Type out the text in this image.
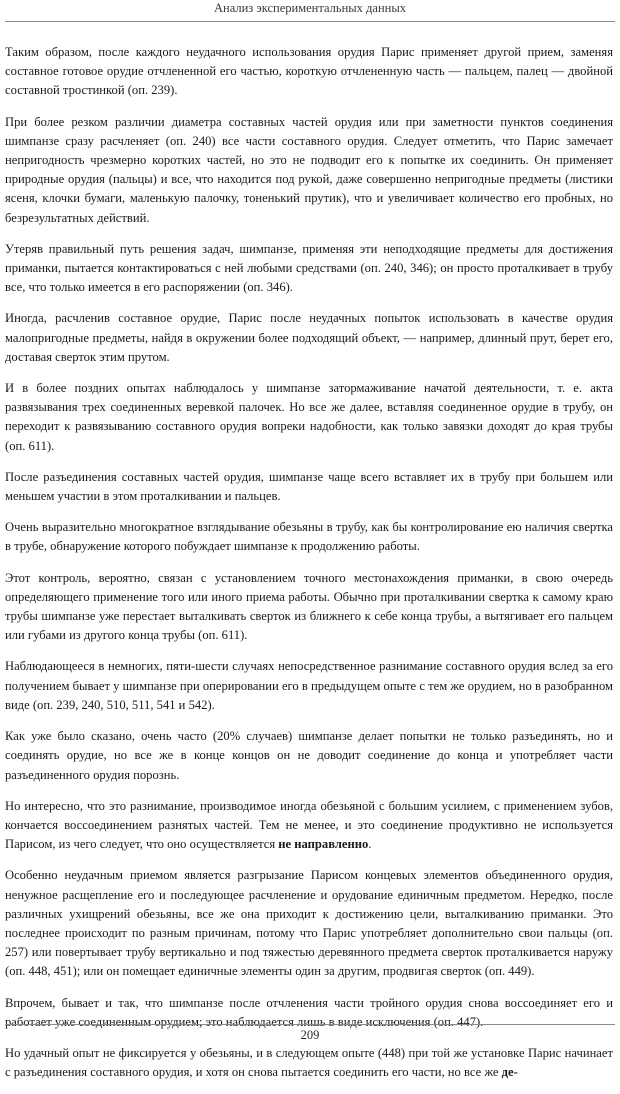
Анализ экспериментальных данных

Таким образом, после каждого неудачного использования орудия Парис применяет другой прием, заменяя составное готовое орудие отчлененной его частью, короткую отчлененную часть — пальцем, палец — двойной составной тростинкой (оп. 239).

При более резком различии диаметра составных частей орудия или при заметности пунктов соединения шимпанзе сразу расчленяет (оп. 240) все части составного орудия. Следует отметить, что Парис замечает непригодность чрезмерно коротких частей, но это не подводит его к попытке их соединить. Он применяет природные орудия (пальцы) и все, что находится под рукой, даже совершенно непригодные предметы (листики ясеня, клочки бумаги, маленькую палочку, тоненький прутик), что и увеличивает количество его пробных, но безрезультатных действий.

Утеряв правильный путь решения задач, шимпанзе, применяя эти неподходящие предметы для достижения приманки, пытается контактироваться с ней любыми средствами (оп. 240, 346); он просто проталкивает в трубу все, что только имеется в его распоряжении (оп. 346).

Иногда, расчленив составное орудие, Парис после неудачных попыток использовать в качестве орудия малопригодные предметы, найдя в окружении более подходящий объект, — например, длинный прут, берет его, доставая сверток этим прутом.

И в более поздних опытах наблюдалось у шимпанзе затормаживание начатой деятельности, т. е. акта развязывания трех соединенных веревкой палочек. Но все же далее, вставляя соединенное орудие в трубу, он переходит к развязыванию составного орудия вопреки надобности, как только завязки доходят до края трубы (оп. 611).

После разъединения составных частей орудия, шимпанзе чаще всего вставляет их в трубу при большем или меньшем участии в этом проталкивании и пальцев.

Очень выразительно многократное взглядывание обезьяны в трубу, как бы контролирование ею наличия свертка в трубе, обнаружение которого побуждает шимпанзе к продолжению работы.

Этот контроль, вероятно, связан с установлением точного местонахождения приманки, в свою очередь определяющего применение того или иного приема работы. Обычно при проталкивании свертка к самому краю трубы шимпанзе уже перестает выталкивать сверток из ближнего к себе конца трубы, а вытягивает его пальцем или губами из другого конца трубы (оп. 611).

Наблюдающееся в немногих, пяти-шести случаях непосредственное разнимание составного орудия вслед за его получением бывает у шимпанзе при оперировании его в предыдущем опыте с тем же орудием, но в разобранном виде (оп. 239, 240, 510, 511, 541 и 542).

Как уже было сказано, очень часто (20% случаев) шимпанзе делает попытки не только разъединять, но и соединять орудие, но все же в конце концов он не доводит соединение до конца и употребляет части разъединенного орудия порознь.

Но интересно, что это разнимание, производимое иногда обезьяной с большим усилием, с применением зубов, кончается воссоединением разнятых частей. Тем не менее, и это соединение продуктивно не используется Парисом, из чего следует, что оно осуществляется не направленно.

Особенно неудачным приемом является разгрызание Парисом концевых элементов объединенного орудия, ненужное расщепление его и последующее расчленение и орудование единичным предметом. Нередко, после различных ухищрений обезьяны, все же она приходит к достижению цели, выталкиванию приманки. Это последнее происходит по разным причинам, потому что Парис употребляет дополнительно свои пальцы (оп. 257) или повертывает трубу вертикально и под тяжестью деревянного предмета сверток проталкивается наружу (оп. 448, 451); или он помещает единичные элементы один за другим, продвигая сверток (оп. 449).

Впрочем, бывает и так, что шимпанзе после отчленения части тройного орудия снова воссоединяет его и работает уже соединенным орудием; это наблюдается лишь в виде исключения (оп. 447).

Но удачный опыт не фиксируется у обезьяны, и в следующем опыте (448) при той же установке Парис начинает с разъединения составного орудия, и хотя он снова пытается соединить его части, но все же де-

209
